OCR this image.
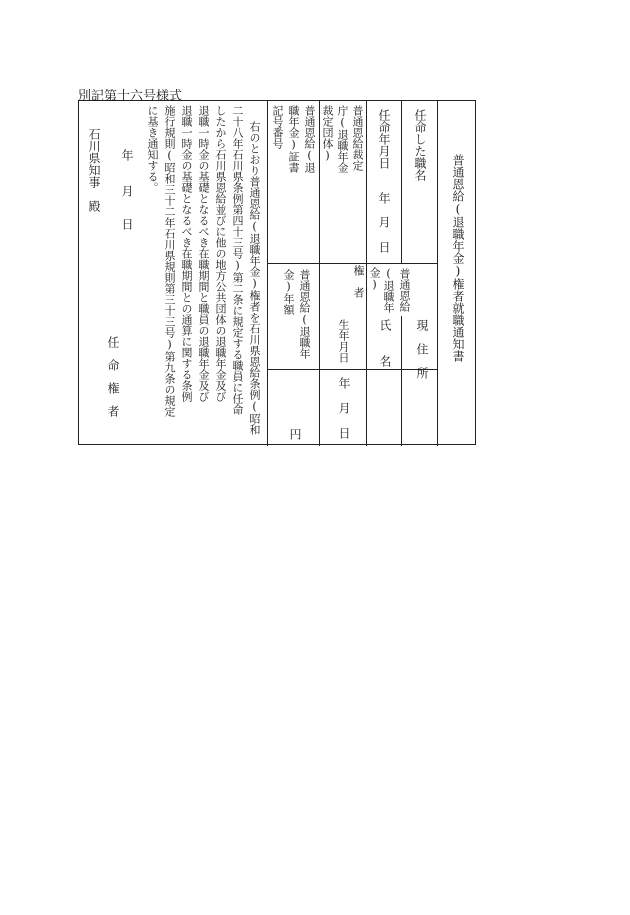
別記第十六号様式
普通恩給(退職年金)権者就職通知書
任命した職名
任命年月日
年
月
日
普通恩給裁定
庁(退職年金
裁定団体)
普通恩給(退
職年金)証書
記号番号
普通恩給
(退職年
金)
権　者
現　住　所
氏　　名
生年月日
年
月
日
普通恩給(退職年
金)年額
円
右のとおり普通恩給(退職年金)権者を石川県恩給条例(昭和
二十八年石川県条例第四十三号)第二条に規定する職員に任命
したから石川県恩給並びに他の地方公共団体の退職年金及び
退職一時金の基礎となるべき在職期間と職員の退職年金及び
退職一時金の基礎となるべき在職期間との通算に関する条例
施行規則(昭和三十二年石川県規則第三十三号)第九条の規定
に基き通知する。
年
月
日
任命権者
石川県知事　殿
